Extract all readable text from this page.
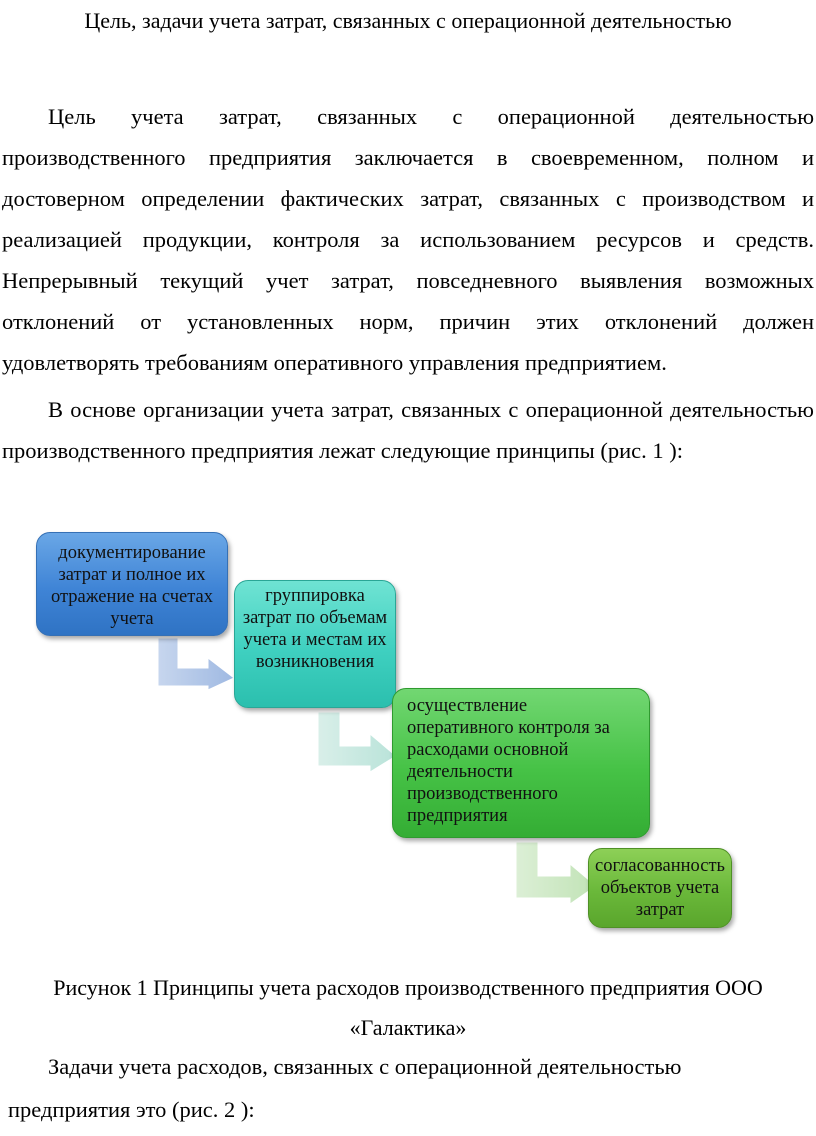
Цель, задачи учета затрат, связанных с операционной деятельностью

Цель учета затрат, связанных с операционной деятельностью производственного предприятия заключается в своевременном, полном и достоверном определении фактических затрат, связанных с производством и реализацией продукции, контроля за использованием ресурсов и средств. Непрерывный текущий учет затрат, повседневного выявления возможных отклонений от установленных норм, причин этих отклонений должен удовлетворять требованиям оперативного управления предприятием.

В основе организации учета затрат, связанных с операционной деятельностью производственного предприятия лежат следующие принципы (рис. 1 ):

документирование затрат и полное их отражение на счетах учета
группировка затрат по объемам учета и местам их возникновения
осуществление оперативного контроля за расходами основной деятельности производственного предприятия
согласованность объектов учета затрат
Рисунок 1 Принципы учета расходов производственного предприятия ООО
«Галактика»
Задачи учета расходов, связанных с операционной деятельностью
предприятия это (рис. 2 ):
